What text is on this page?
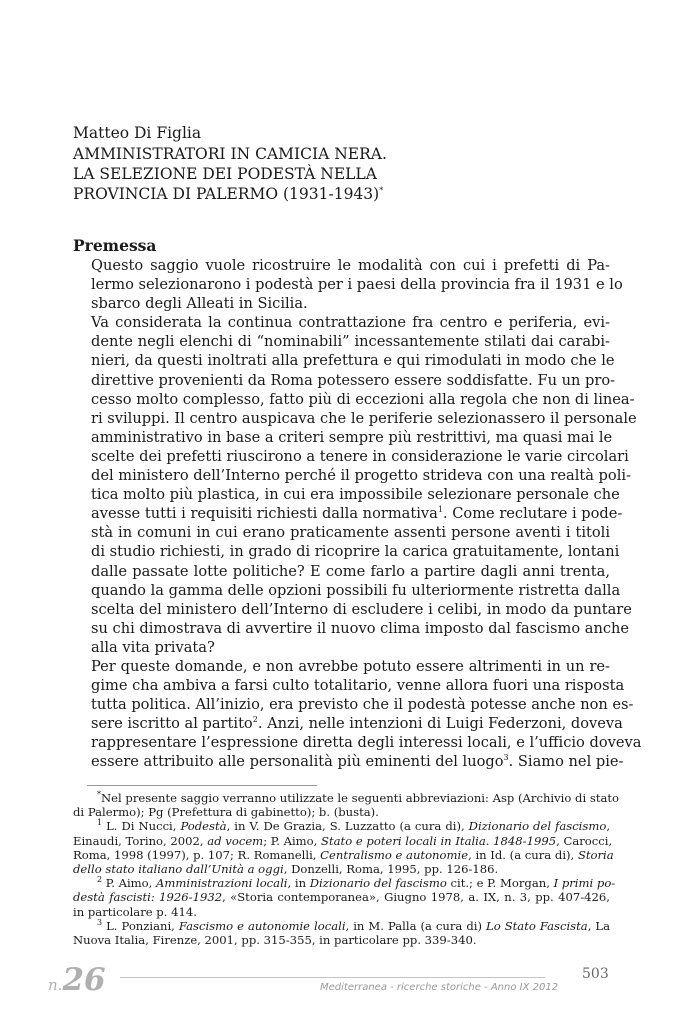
Matteo Di Figlia
AMMINISTRATORI IN CAMICIA NERA.
LA SELEZIONE DEI PODESTÀ NELLA
PROVINCIA DI PALERMO (1931-1943)*
Premessa

Questo saggio vuole ricostruire le modalità con cui i prefetti di Pa-
lermo selezionarono i podestà per i paesi della provincia fra il 1931 e lo
sbarco degli Alleati in Sicilia.

Va considerata la continua contrattazione fra centro e periferia, evi-
dente negli elenchi di “nominabili” incessantemente stilati dai carabi-
nieri, da questi inoltrati alla prefettura e qui rimodulati in modo che le
direttive provenienti da Roma potessero essere soddisfatte. Fu un pro-
cesso molto complesso, fatto più di eccezioni alla regola che non di linea-
ri sviluppi. Il centro auspicava che le periferie selezionassero il personale
amministrativo in base a criteri sempre più restrittivi, ma quasi mai le
scelte dei prefetti riuscirono a tenere in considerazione le varie circolari
del ministero dell’Interno perché il progetto strideva con una realtà poli-
tica molto più plastica, in cui era impossibile selezionare personale che
avesse tutti i requisiti richiesti dalla normativa$^1$. Come reclutare i pode-
stà in comuni in cui erano praticamente assenti persone aventi i titoli
di studio richiesti, in grado di ricoprire la carica gratuitamente, lontani
dalle passate lotte politiche? E come farlo a partire dagli anni trenta,
quando la gamma delle opzioni possibili fu ulteriormente ristretta dalla
scelta del ministero dell’Interno di escludere i celibi, in modo da puntare
su chi dimostrava di avvertire il nuovo clima imposto dal fascismo anche
alla vita privata?

Per queste domande, e non avrebbe potuto essere altrimenti in un re-
gime cha ambiva a farsi culto totalitario, venne allora fuori una risposta
tutta politica. All’inizio, era previsto che il podestà potesse anche non es-
sere iscritto al partito$^2$. Anzi, nelle intenzioni di Luigi Federzoni, doveva
rappresentare l’espressione diretta degli interessi locali, e l’ufficio doveva
essere attribuito alle personalità più eminenti del luogo$^3$. Siamo nel pie-

*Nel presente saggio verranno utilizzate le seguenti abbreviazioni: Asp (Archivio di stato
di Palermo); Pg (Prefettura di gabinetto); b. (busta).

$^1$ L. Di Nucci, Podestà, in V. De Grazia, S. Luzzatto (a cura di), Dizionario del fascismo,
Einaudi, Torino, 2002, ad vocem; P. Aimo, Stato e poteri locali in Italia. 1848-1995, Carocci,
Roma, 1998 (1997), p. 107; R. Romanelli, Centralismo e autonomie, in Id. (a cura di), Storia
dello stato italiano dall’Unità a oggi, Donzelli, Roma, 1995, pp. 126-186.

$^2$ P. Aimo, Amministrazioni locali, in Dizionario del fascismo cit.; e P. Morgan, I primi po-
destà fascisti: 1926-1932, «Storia contemporanea», Giugno 1978, a. IX, n. 3, pp. 407-426,
in particolare p. 414.

$^3$ L. Ponziani, Fascismo e autonomie locali, in M. Palla (a cura di) Lo Stato Fascista, La
Nuova Italia, Firenze, 2001, pp. 315-355, in particolare pp. 339-340.

n.26	Mediterranea - ricerche storiche - Anno IX 2012
503
